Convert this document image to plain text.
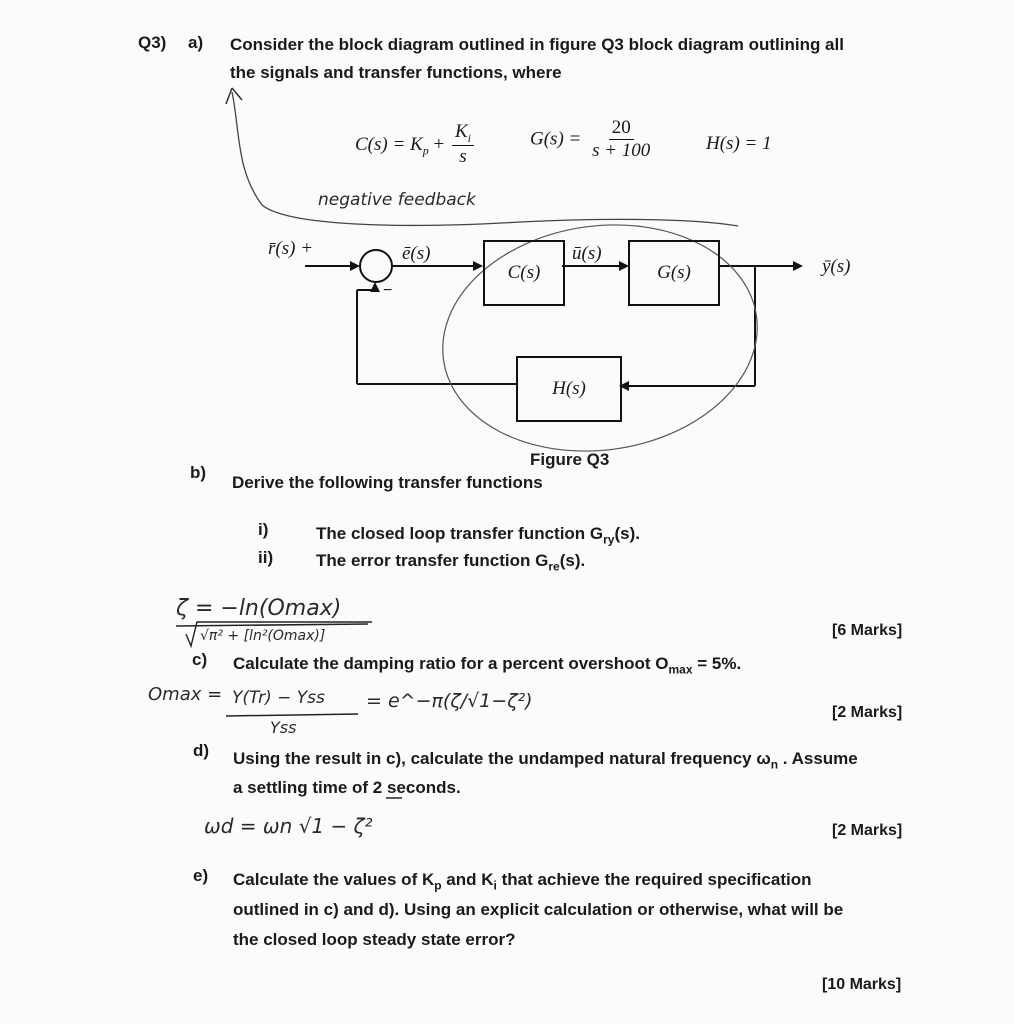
Q3) a) Consider the block diagram outlined in figure Q3 block diagram outlining all
the signals and transfer functions, where
$C(s) = K_p + \frac{K_i}{s}$	$G(s) = \frac{20}{s + 100}$	H(s) = 1
negative feedback
r̄(s) +	ē(s)	ū(s)
ȳ(s)
−
C(s)	G(s)
H(s)
Figure Q3
b)
Derive the following transfer functions
i)	The closed loop transfer function $G_{ry}(s)$.
ii)	The error transfer function $G_{re}(s)$.
[6 Marks]
ζ = −ln(Omax)
√π² + [ln²(Omax)]
c) Calculate the damping ratio for a percent overshoot $O_{max} = 5\%$.
Omax = Y(Tr) − Yss
Yss
= e^−π(ζ/√1−ζ²)
[2 Marks]
d) Using the result in c), calculate the undamped natural frequency $\omega_n$ . Assume
a settling time of 2 seconds.
ωd = ωn √1 − ζ²	[2 Marks]
e) Calculate the values of $K_p$ and $K_i$ that achieve the required specification
outlined in c) and d). Using an explicit calculation or otherwise, what will be
the closed loop steady state error?
[10 Marks]
